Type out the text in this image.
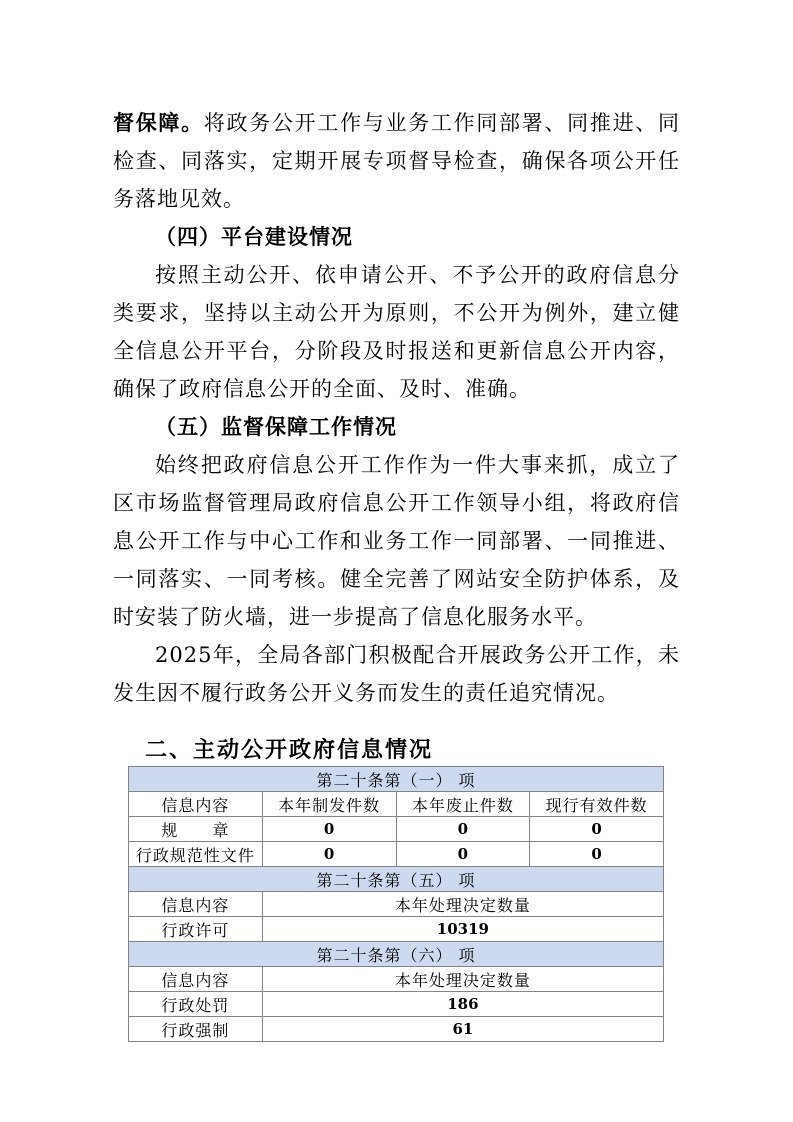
督保障。将政务公开工作与业务工作同部署、同推进、同检查、同落实，定期开展专项督导检查，确保各项公开任务落地见效。

（四）平台建设情况

按照主动公开、依申请公开、不予公开的政府信息分类要求，坚持以主动公开为原则，不公开为例外，建立健全信息公开平台，分阶段及时报送和更新信息公开内容，确保了政府信息公开的全面、及时、准确。

（五）监督保障工作情况

始终把政府信息公开工作作为一件大事来抓，成立了区市场监督管理局政府信息公开工作领导小组，将政府信息公开工作与中心工作和业务工作一同部署、一同推进、一同落实、一同考核。健全完善了网站安全防护体系，及时安装了防火墙，进一步提高了信息化服务水平。

2025年，全局各部门积极配合开展政务公开工作，未发生因不履行政务公开义务而发生的责任追究情况。

二、主动公开政府信息情况
第二十条第（一） 项			
信息内容	本年制发件数	本年废止件数	现行有效件数
规　　章	0	0	0
行政规范性文件	0	0	0
第二十条第（五） 项			
信息内容	本年处理决定数量		
行政许可	10319		
第二十条第（六） 项			
信息内容	本年处理决定数量		
行政处罚	186		
行政强制	61		
